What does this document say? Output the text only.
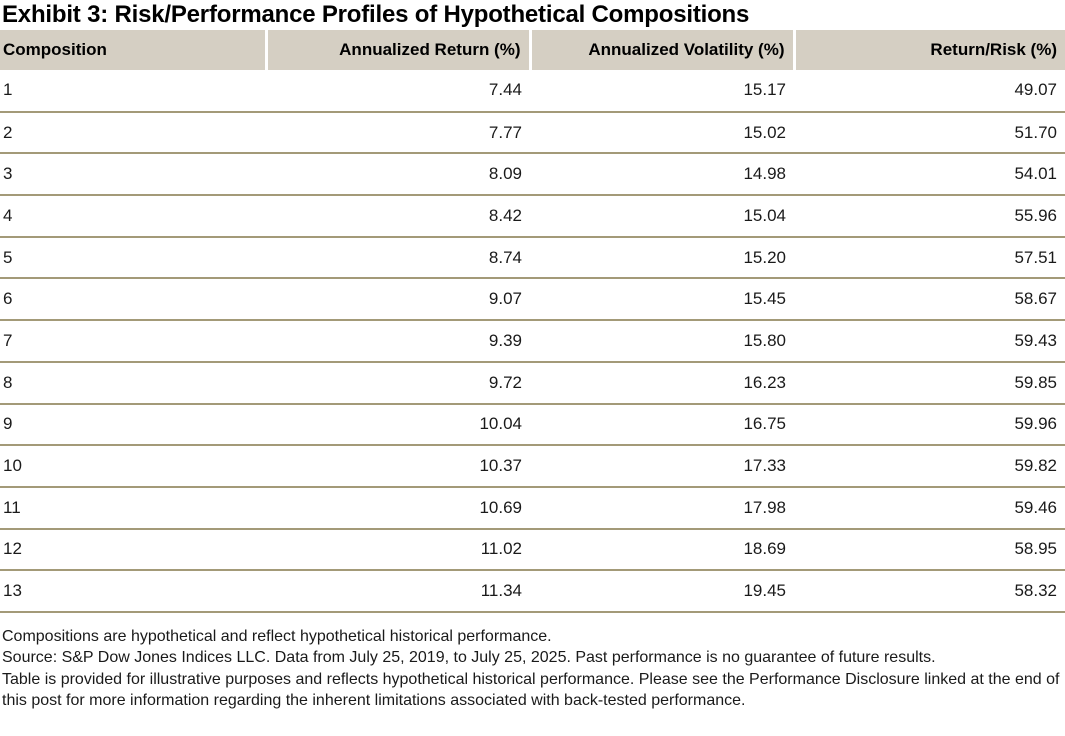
Exhibit 3: Risk/Performance Profiles of Hypothetical Compositions
Composition	Annualized Return (%)	Annualized Volatility (%)	Return/Risk (%)
1	7.44	15.17	49.07
2	7.77	15.02	51.70
3	8.09	14.98	54.01
4	8.42	15.04	55.96
5	8.74	15.20	57.51
6	9.07	15.45	58.67
7	9.39	15.80	59.43
8	9.72	16.23	59.85
9	10.04	16.75	59.96
10	10.37	17.33	59.82
11	10.69	17.98	59.46
12	11.02	18.69	58.95
13	11.34	19.45	58.32
Compositions are hypothetical and reflect hypothetical historical performance.
Source: S&P Dow Jones Indices LLC. Data from July 25, 2019, to July 25, 2025. Past performance is no guarantee of future results.
Table is provided for illustrative purposes and reflects hypothetical historical performance. Please see the Performance Disclosure linked at the end of this post for more information regarding the inherent limitations associated with back-tested performance.
